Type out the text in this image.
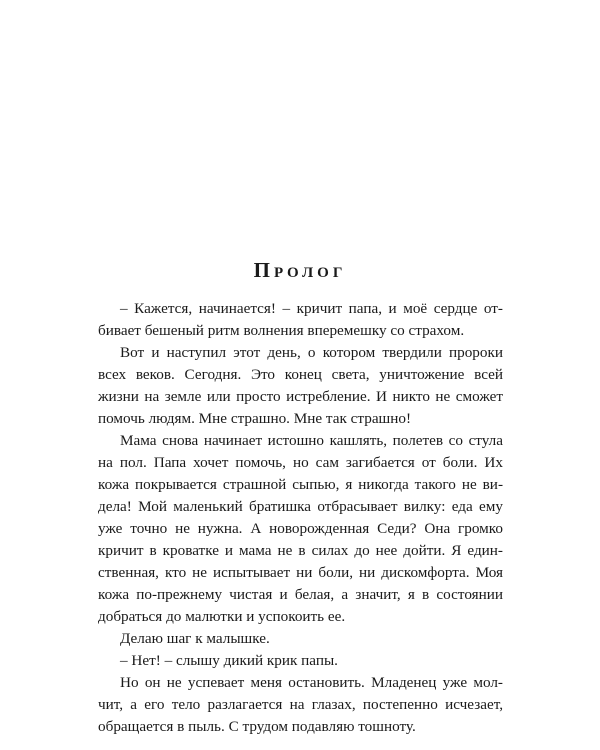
Пролог

– Кажется, начинается! – кричит папа, и моё сердце от-
бивает бешеный ритм волнения вперемешку со страхом.

Вот и наступил этот день, о котором твердили пророки
всех веков. Сегодня. Это конец света, уничтожение всей
жизни на земле или просто истребление. И никто не сможет
помочь людям. Мне страшно. Мне так страшно!

Мама снова начинает истошно кашлять, полетев со стула
на пол. Папа хочет помочь, но сам загибается от боли. Их
кожа покрывается страшной сыпью, я никогда такого не ви-
дела! Мой маленький братишка отбрасывает вилку: еда ему
уже точно не нужна. А новорожденная Седи? Она громко
кричит в кроватке и мама не в силах до нее дойти. Я един-
ственная, кто не испытывает ни боли, ни дискомфорта. Моя
кожа по-прежнему чистая и белая, а значит, я в состоянии
добраться до малютки и успокоить ее.

Делаю шаг к малышке.

– Нет! – слышу дикий крик папы.

Но он не успевает меня остановить. Младенец уже мол-
чит, а его тело разлагается на глазах, постепенно исчезает,
обращается в пыль. С трудом подавляю тошноту.
